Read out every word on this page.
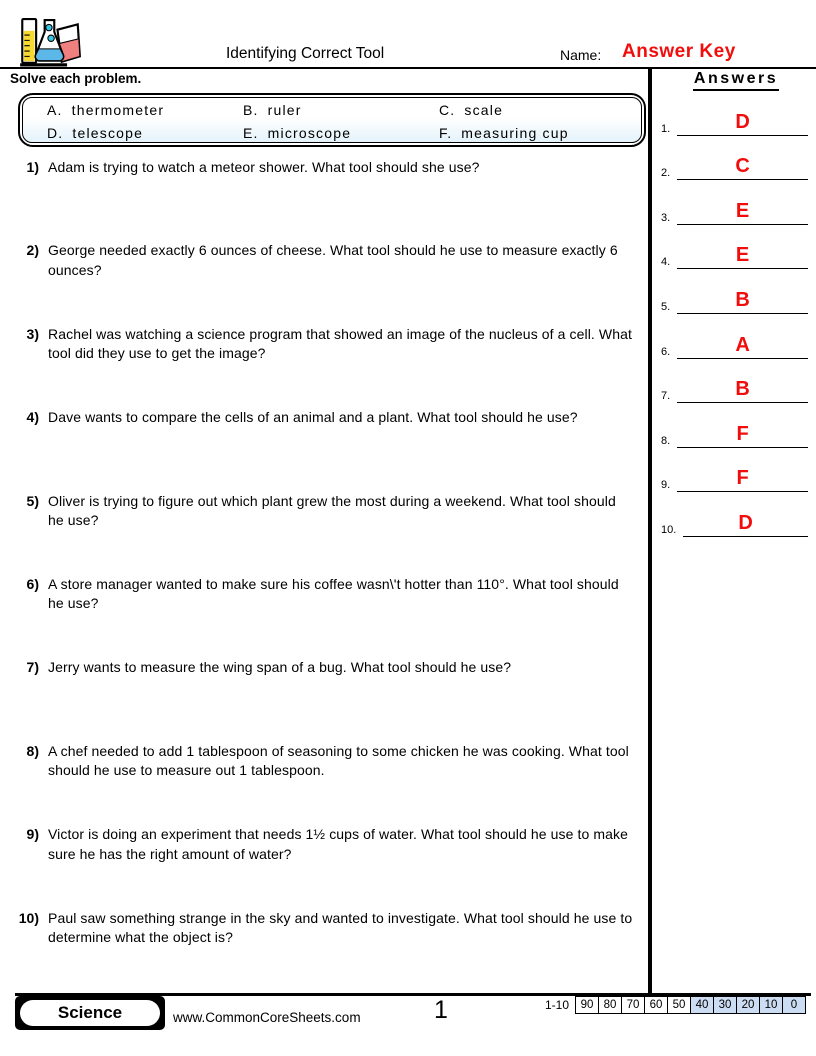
Identifying Correct Tool	Name: Answer Key
Solve each problem.
A. thermometer	B. ruler	C. scale
D. telescope	E. microscope	F. measuring cup
1) Adam is trying to watch a meteor shower. What tool should she use?
2) George needed exactly 6 ounces of cheese. What tool should he use to measure exactly 6 ounces?
3) Rachel was watching a science program that showed an image of the nucleus of a cell. What tool did they use to get the image?
4) Dave wants to compare the cells of an animal and a plant. What tool should he use?
5) Oliver is trying to figure out which plant grew the most during a weekend. What tool should he use?
6) A store manager wanted to make sure his coffee wasn\'t hotter than 110°. What tool should he use?
7) Jerry wants to measure the wing span of a bug. What tool should he use?
8) A chef needed to add 1 tablespoon of seasoning to some chicken he was cooking. What tool should he use to measure out 1 tablespoon.
9) Victor is doing an experiment that needs 1½ cups of water. What tool should he use to make sure he has the right amount of water?
10) Paul saw something strange in the sky and wanted to investigate. What tool should he use to determine what the object is?
Answers
1.	D
2.	C
3.	E
4.	E
5.	B
6.	A
7.	B
8.	F
9.	F
10.	D
Science	www.CommonCoreSheets.com	1	1-10	90 80 70 60 50 40 30 20 10	0
